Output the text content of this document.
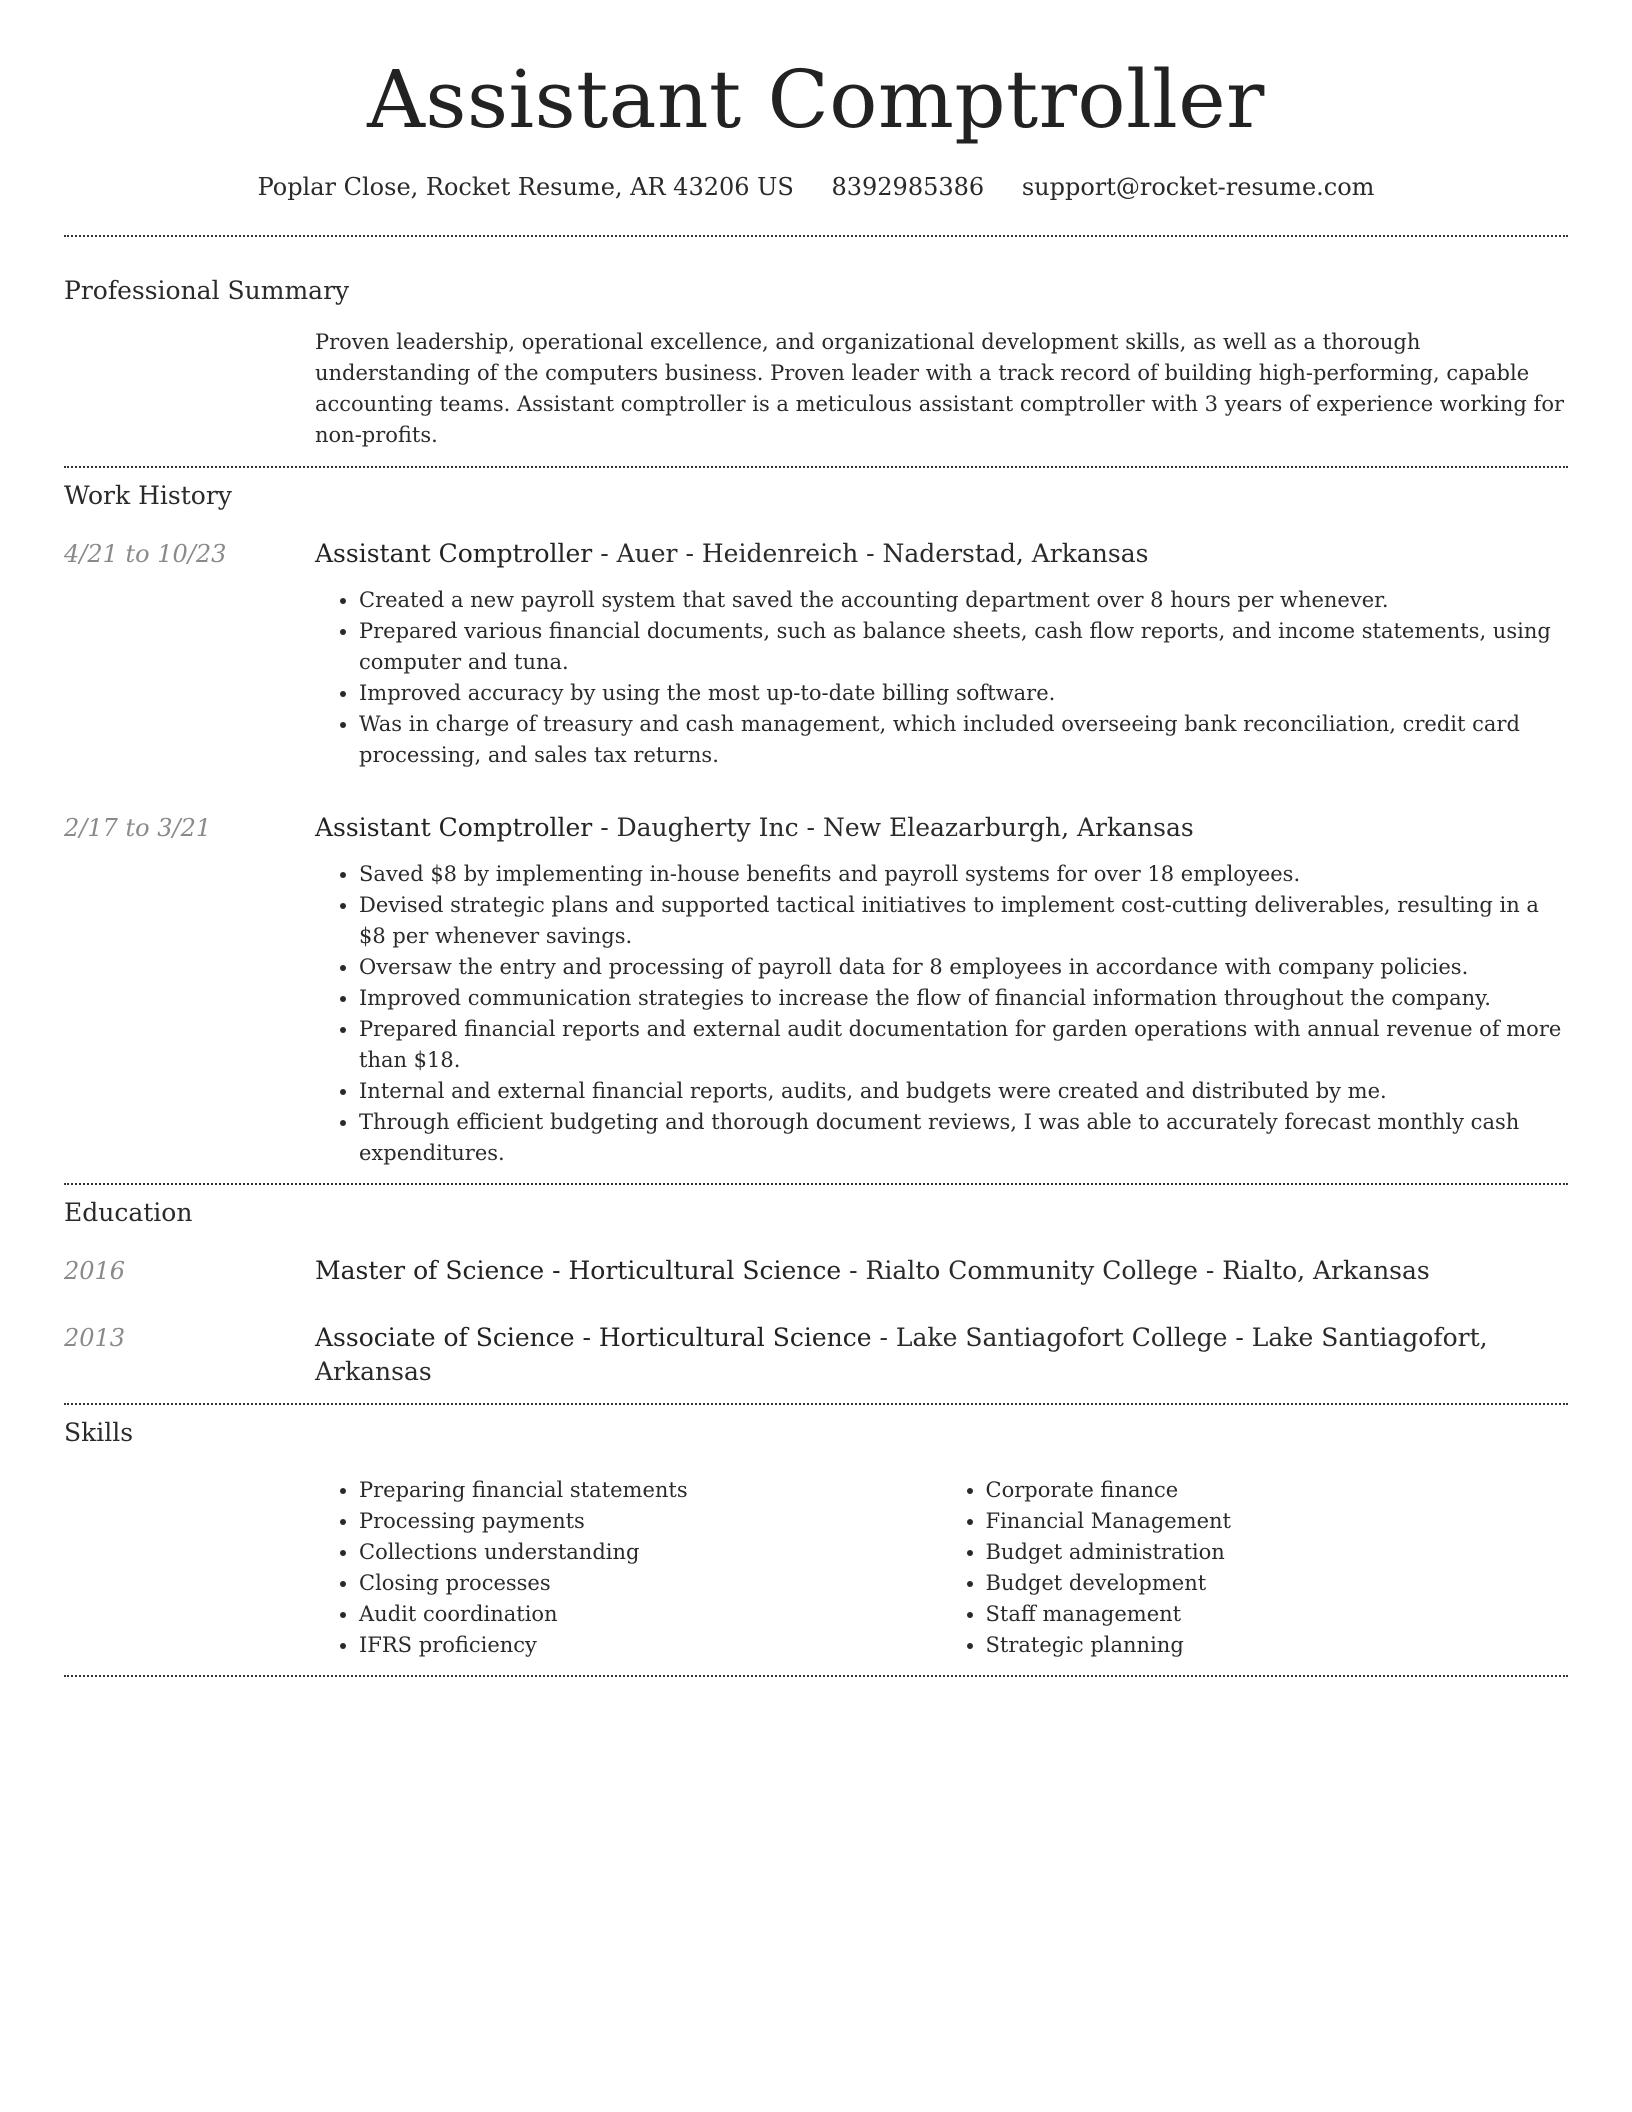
Assistant Comptroller
Poplar Close, Rocket Resume, AR 43206 US 8392985386 support@rocket-resume.com
Professional Summary

Proven leadership, operational excellence, and organizational development skills, as well as a thorough understanding of the computers business. Proven leader with a track record of building high-performing, capable accounting teams. Assistant comptroller is a meticulous assistant comptroller with 3 years of experience working for non-profits.

Work History
4/21 to 10/23	Assistant Comptroller - Auer - Heidenreich - Naderstad, Arkansas
• Created a new payroll system that saved the accounting department over 8 hours per whenever.
• Prepared various financial documents, such as balance sheets, cash flow reports, and income statements, using computer and tuna.
• Improved accuracy by using the most up-to-date billing software.
• Was in charge of treasury and cash management, which included overseeing bank reconciliation, credit card processing, and sales tax returns.
2/17 to 3/21	Assistant Comptroller - Daugherty Inc - New Eleazarburgh, Arkansas
• Saved $8 by implementing in-house benefits and payroll systems for over 18 employees.
• Devised strategic plans and supported tactical initiatives to implement cost-cutting deliverables, resulting in a $8 per whenever savings.
• Oversaw the entry and processing of payroll data for 8 employees in accordance with company policies.
• Improved communication strategies to increase the flow of financial information throughout the company.
• Prepared financial reports and external audit documentation for garden operations with annual revenue of more than $18.
• Internal and external financial reports, audits, and budgets were created and distributed by me.
• Through efficient budgeting and thorough document reviews, I was able to accurately forecast monthly cash expenditures.
Education
2016	Master of Science - Horticultural Science - Rialto Community College - Rialto, Arkansas
2013	Associate of Science - Horticultural Science - Lake Santiagofort College - Lake Santiagofort, Arkansas
Skills
• Preparing financial statements
• Processing payments
• Collections understanding
• Closing processes
• Audit coordination
• IFRS proficiency
• Corporate finance
• Financial Management
• Budget administration
• Budget development
• Staff management
• Strategic planning
